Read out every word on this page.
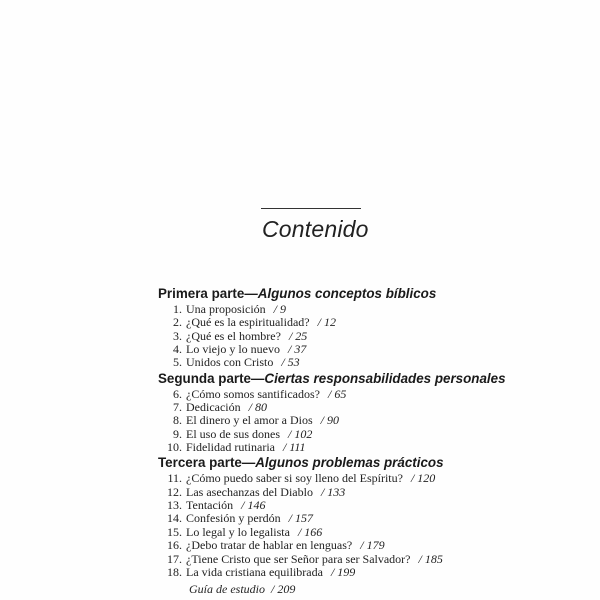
Contenido
Primera parte—Algunos conceptos bíblicos
1. Una proposición / 9
2. ¿Qué es la espiritualidad? / 12
3. ¿Qué es el hombre? / 25
4. Lo viejo y lo nuevo / 37
5. Unidos con Cristo / 53
Segunda parte—Ciertas responsabilidades personales
6. ¿Cómo somos santificados? / 65
7. Dedicación / 80
8. El dinero y el amor a Dios / 90
9. El uso de sus dones / 102
10. Fidelidad rutinaria / 111
Tercera parte—Algunos problemas prácticos
11. ¿Cómo puedo saber si soy lleno del Espíritu? / 120
12. Las asechanzas del Diablo / 133
13. Tentación / 146
14. Confesión y perdón / 157
15. Lo legal y lo legalista / 166
16. ¿Debo tratar de hablar en lenguas? / 179
17. ¿Tiene Cristo que ser Señor para ser Salvador? / 185
18. La vida cristiana equilibrada / 199
Guía de estudio / 209
